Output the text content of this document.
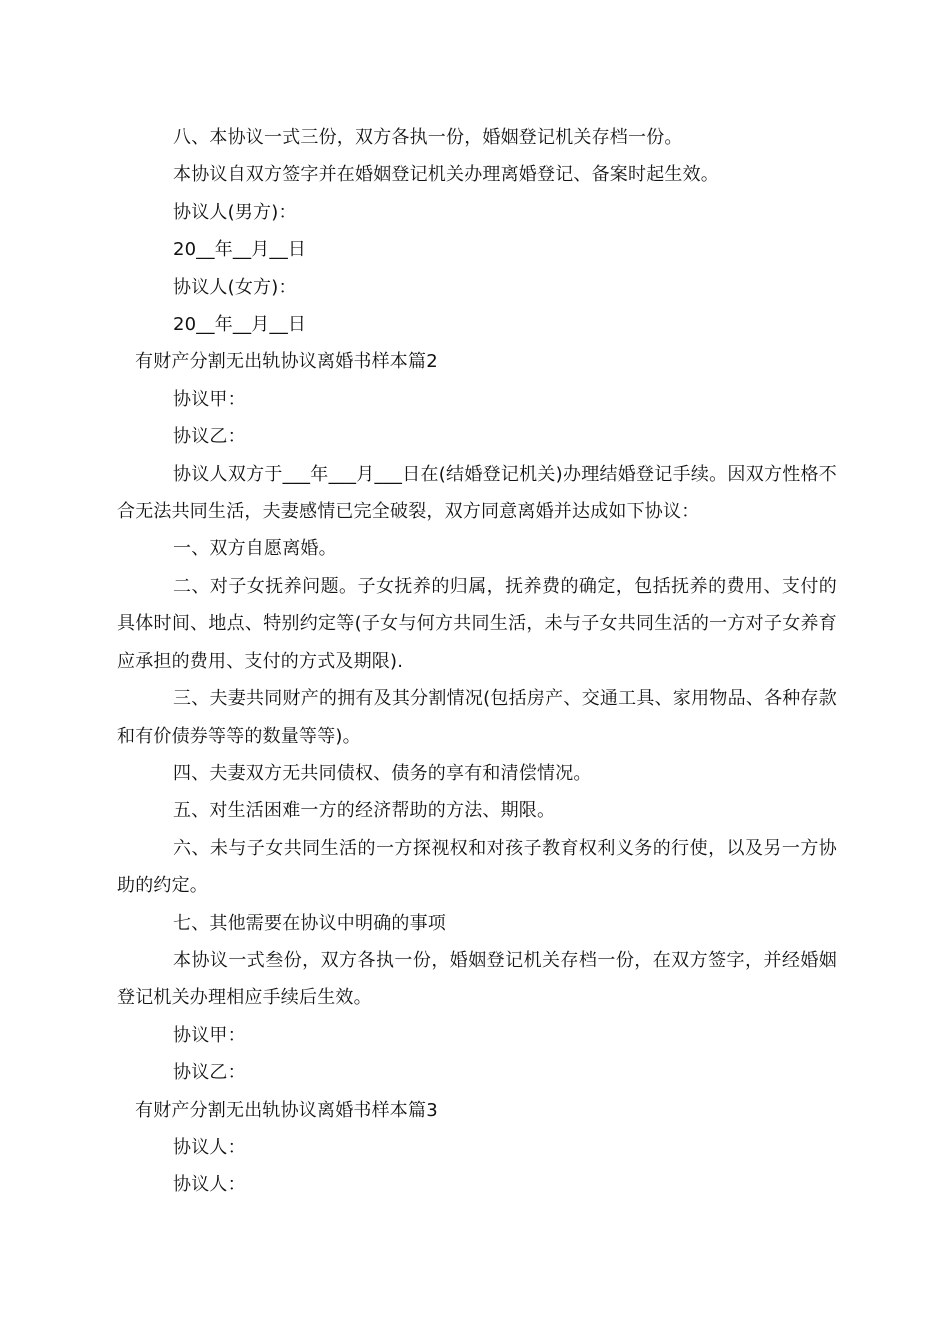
八、本协议一式三份，双方各执一份，婚姻登记机关存档一份。

本协议自双方签字并在婚姻登记机关办理离婚登记、备案时起生效。

协议人(男方)：

20__年__月__日

协议人(女方)：

20__年__月__日

有财产分割无出轨协议离婚书样本篇2

协议甲：

协议乙：

协议人双方于___年___月___日在(结婚登记机关)办理结婚登记手续。因双方性格不合无法共同生活，夫妻感情已完全破裂，双方同意离婚并达成如下协议：

一、双方自愿离婚。

二、对子女抚养问题。子女抚养的归属，抚养费的确定，包括抚养的费用、支付的具体时间、地点、特别约定等(子女与何方共同生活，未与子女共同生活的一方对子女养育应承担的费用、支付的方式及期限).

三、夫妻共同财产的拥有及其分割情况(包括房产、交通工具、家用物品、各种存款和有价债券等等的数量等等)。

四、夫妻双方无共同债权、债务的享有和清偿情况。

五、对生活困难一方的经济帮助的方法、期限。

六、未与子女共同生活的一方探视权和对孩子教育权利义务的行使，以及另一方协助的约定。

七、其他需要在协议中明确的事项

本协议一式叁份，双方各执一份，婚姻登记机关存档一份，在双方签字，并经婚姻登记机关办理相应手续后生效。

协议甲：

协议乙：

有财产分割无出轨协议离婚书样本篇3

协议人：

协议人：
